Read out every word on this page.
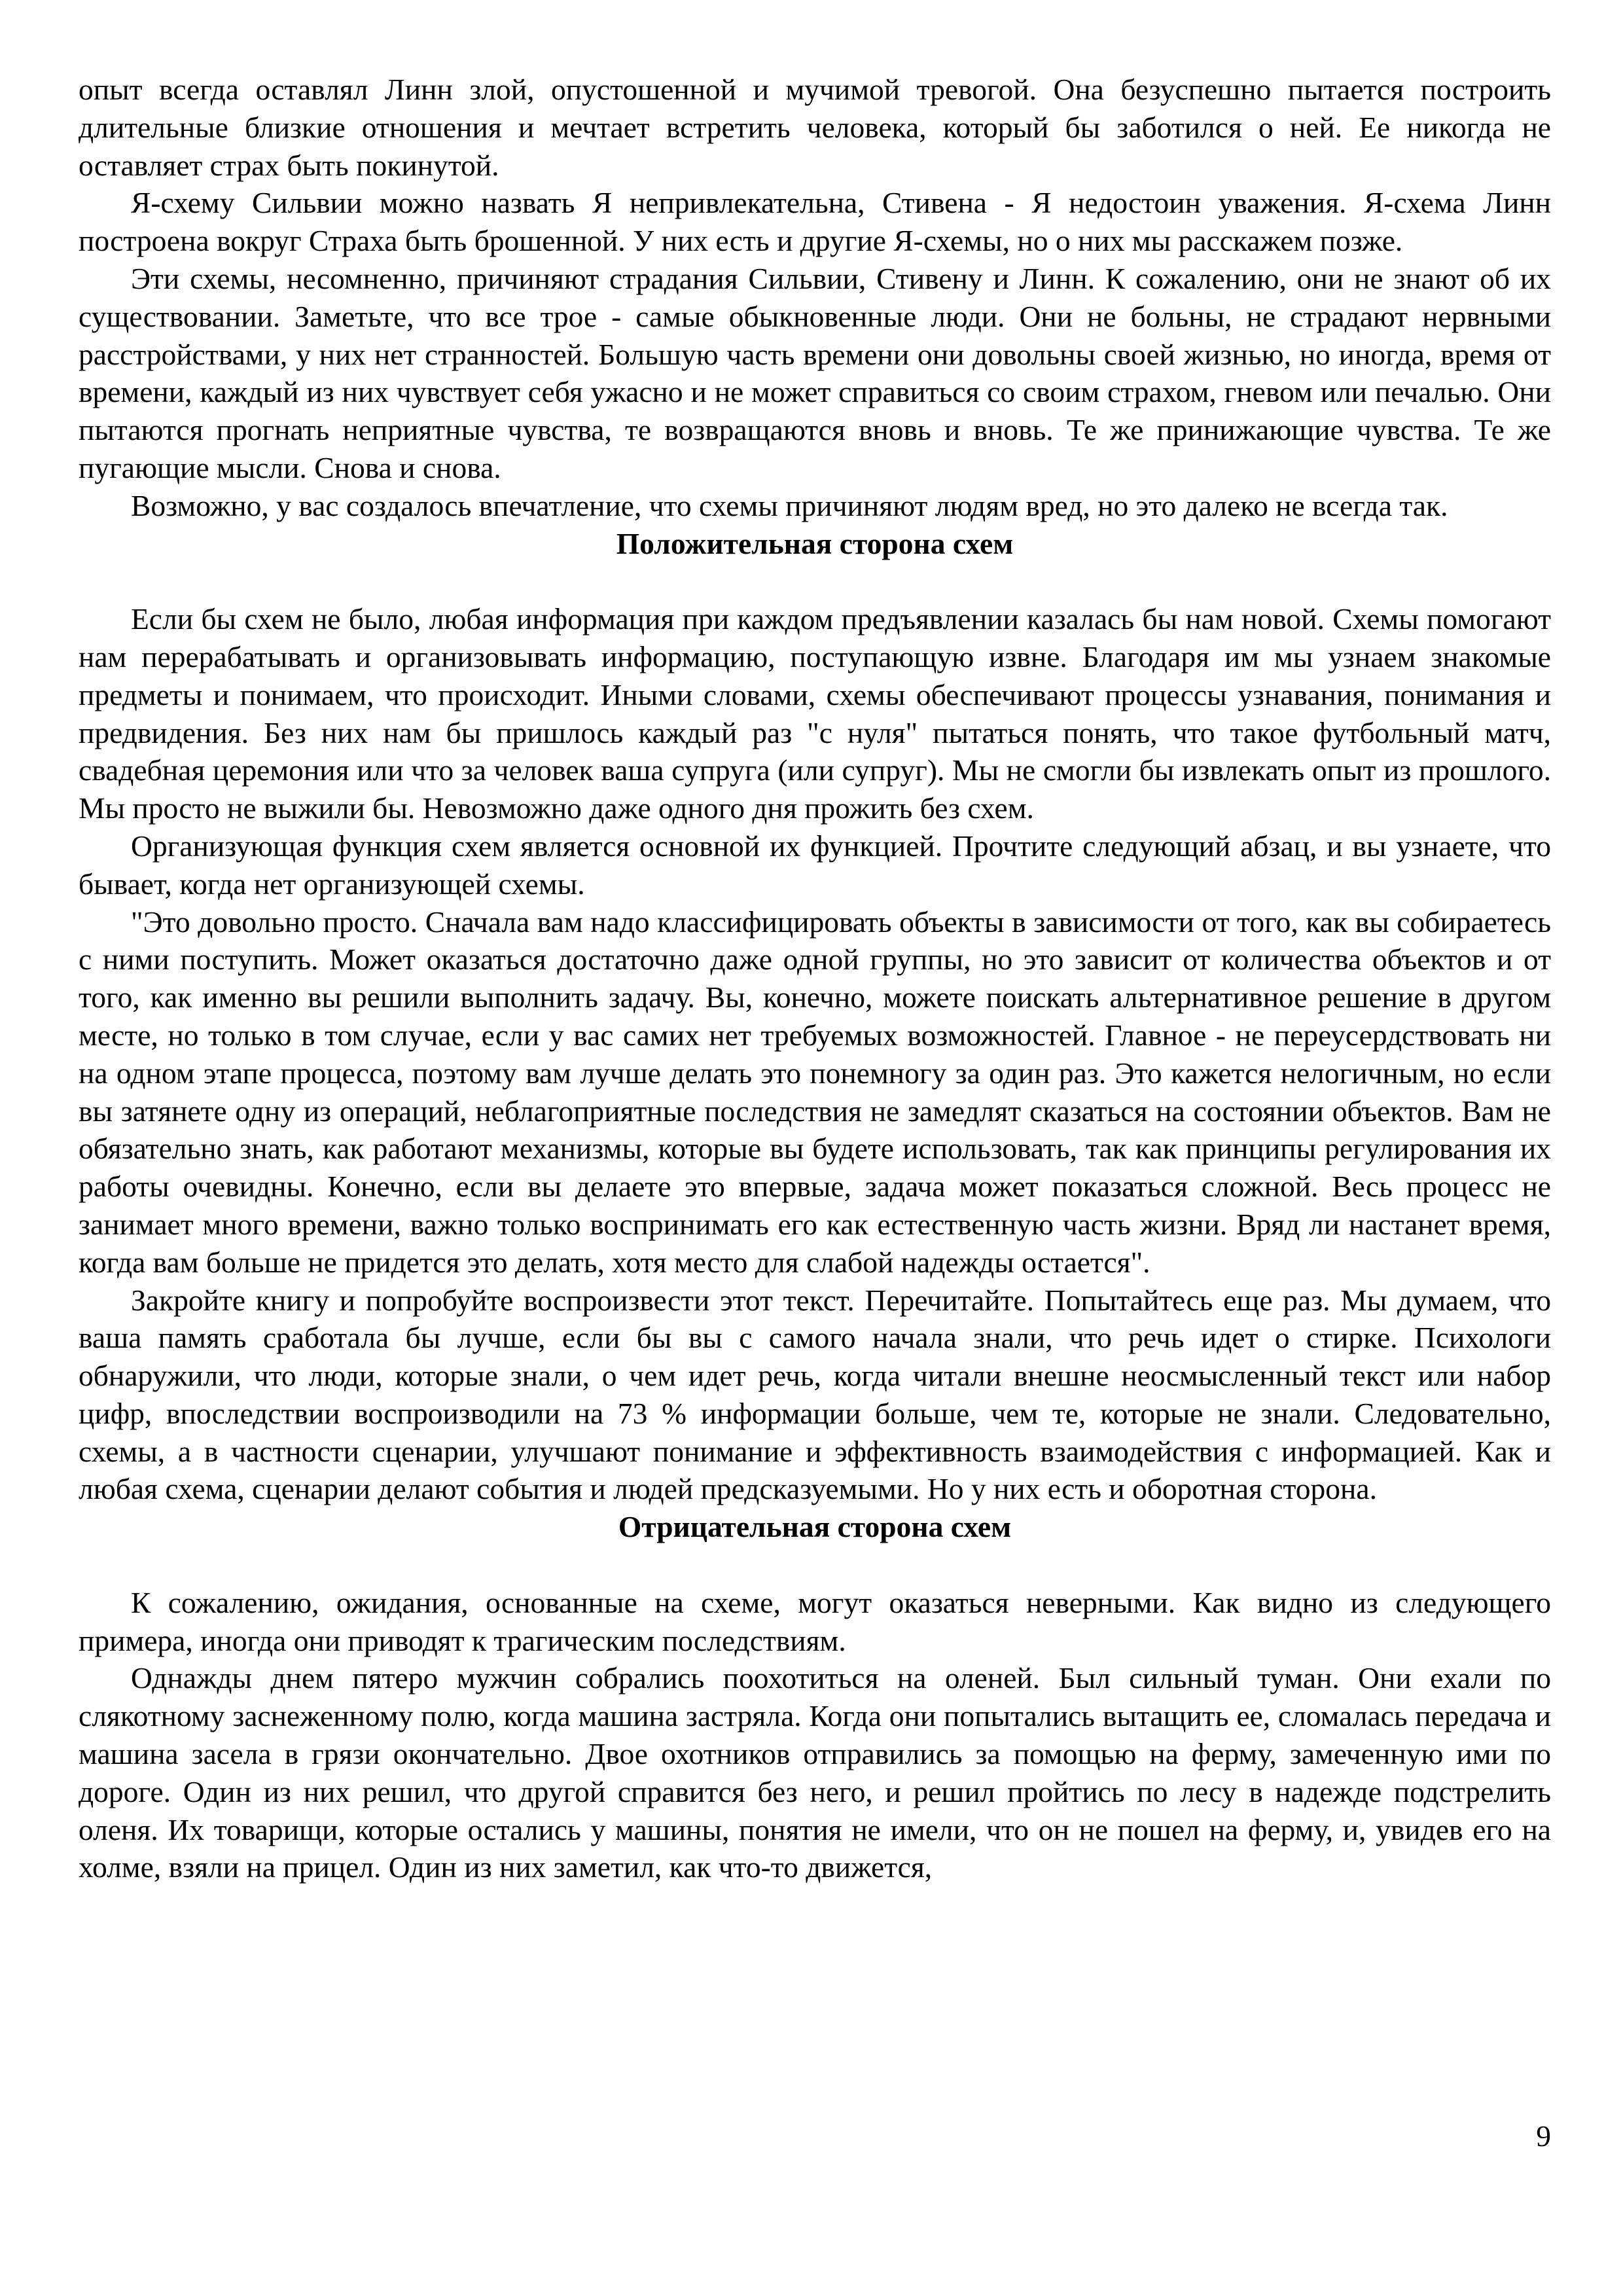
опыт всегда оставлял Линн злой, опустошенной и мучимой тревогой. Она безуспешно пытается построить длительные близкие отношения и мечтает встретить человека, который бы заботился о ней. Ее никогда не оставляет страх быть покинутой.

Я-схему Сильвии можно назвать Я непривлекательна, Стивена - Я недостоин уважения. Я-схема Линн построена вокруг Страха быть брошенной. У них есть и другие Я-схемы, но о них мы расскажем позже.

Эти схемы, несомненно, причиняют страдания Сильвии, Стивену и Линн. К сожалению, они не знают об их существовании. Заметьте, что все трое - самые обыкновенные люди. Они не больны, не страдают нервными расстройствами, у них нет странностей. Большую часть времени они довольны своей жизнью, но иногда, время от времени, каждый из них чувствует себя ужасно и не может справиться со своим страхом, гневом или печалью. Они пытаются прогнать неприятные чувства, те возвращаются вновь и вновь. Те же принижающие чувства. Те же пугающие мысли. Снова и снова.

Возможно, у вас создалось впечатление, что схемы причиняют людям вред, но это далеко не всегда так.

Положительная сторона схем

Если бы схем не было, любая информация при каждом предъявлении казалась бы нам новой. Схемы помогают нам перерабатывать и организовывать информацию, поступающую извне. Благодаря им мы узнаем знакомые предметы и понимаем, что происходит. Иными словами, схемы обеспечивают процессы узнавания, понимания и предвидения. Без них нам бы пришлось каждый раз "с нуля" пытаться понять, что такое футбольный матч, свадебная церемония или что за человек ваша супруга (или супруг). Мы не смогли бы извлекать опыт из прошлого. Мы просто не выжили бы. Невозможно даже одного дня прожить без схем.

Организующая функция схем является основной их функцией. Прочтите следующий абзац, и вы узнаете, что бывает, когда нет организующей схемы.

"Это довольно просто. Сначала вам надо классифицировать объекты в зависимости от того, как вы собираетесь с ними поступить. Может оказаться достаточно даже одной группы, но это зависит от количества объектов и от того, как именно вы решили выполнить задачу. Вы, конечно, можете поискать альтернативное решение в другом месте, но только в том случае, если у вас самих нет требуемых возможностей. Главное - не переусердствовать ни на одном этапе процесса, поэтому вам лучше делать это понемногу за один раз. Это кажется нелогичным, но если вы затянете одну из операций, неблагоприятные последствия не замедлят сказаться на состоянии объектов. Вам не обязательно знать, как работают механизмы, которые вы будете использовать, так как принципы регулирования их работы очевидны. Конечно, если вы делаете это впервые, задача может показаться сложной. Весь процесс не занимает много времени, важно только воспринимать его как естественную часть жизни. Вряд ли настанет время, когда вам больше не придется это делать, хотя место для слабой надежды остается".

Закройте книгу и попробуйте воспроизвести этот текст. Перечитайте. Попытайтесь еще раз. Мы думаем, что ваша память сработала бы лучше, если бы вы с самого начала знали, что речь идет о стирке. Психологи обнаружили, что люди, которые знали, о чем идет речь, когда читали внешне неосмысленный текст или набор цифр, впоследствии воспроизводили на 73 % информации больше, чем те, которые не знали. Следовательно, схемы, а в частности сценарии, улучшают понимание и эффективность взаимодействия с информацией. Как и любая схема, сценарии делают события и людей предсказуемыми. Но у них есть и оборотная сторона.

Отрицательная сторона схем

К сожалению, ожидания, основанные на схеме, могут оказаться неверными. Как видно из следующего примера, иногда они приводят к трагическим последствиям.

Однажды днем пятеро мужчин собрались поохотиться на оленей. Был сильный туман. Они ехали по слякотному заснеженному полю, когда машина застряла. Когда они попытались вытащить ее, сломалась передача и машина засела в грязи окончательно. Двое охотников отправились за помощью на ферму, замеченную ими по дороге. Один из них решил, что другой справится без него, и решил пройтись по лесу в надежде подстрелить оленя. Их товарищи, которые остались у машины, понятия не имели, что он не пошел на ферму, и, увидев его на холме, взяли на прицел. Один из них заметил, как что-то движется,

9
